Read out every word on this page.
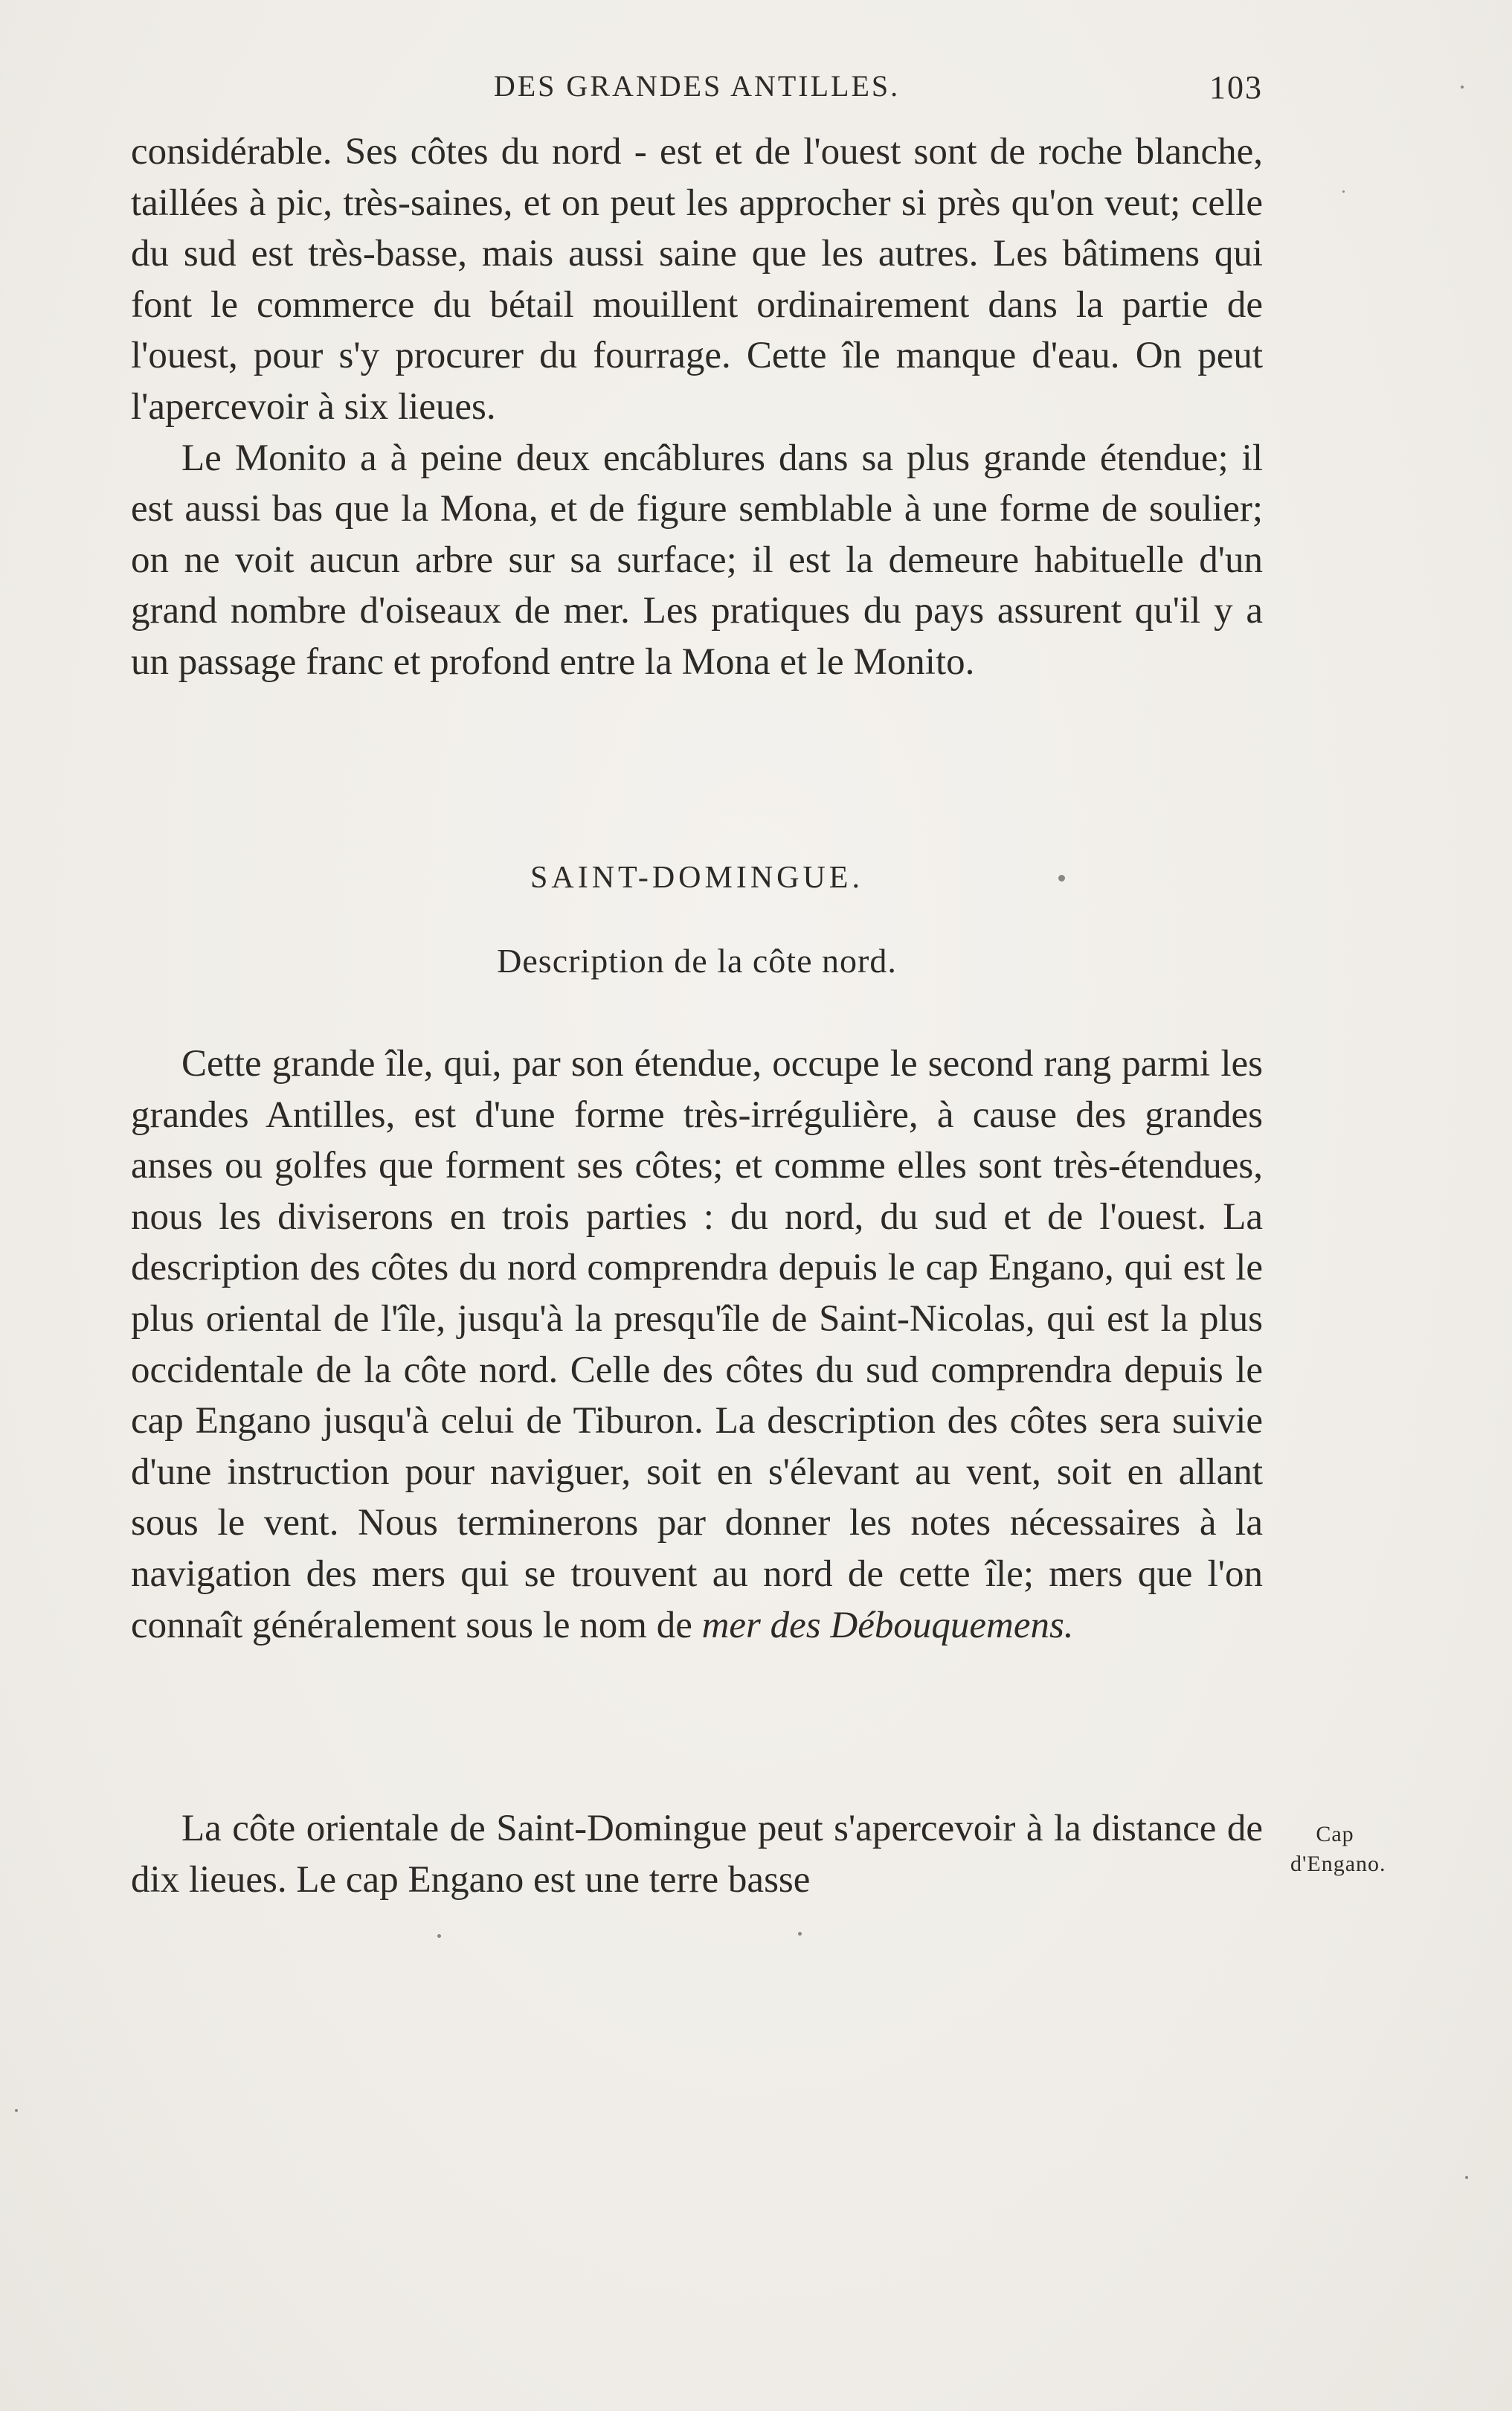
DES GRANDES ANTILLES.	103

considérable. Ses côtes du nord - est et de l'ouest sont de roche blanche, taillées à pic, très-saines, et on peut les approcher si près qu'on veut; celle du sud est très-basse, mais aussi saine que les autres. Les bâtimens qui font le commerce du bétail mouillent ordinairement dans la partie de l'ouest, pour s'y procurer du fourrage. Cette île manque d'eau. On peut l'apercevoir à six lieues.

Le Monito a à peine deux encâblures dans sa plus grande étendue; il est aussi bas que la Mona, et de figure semblable à une forme de soulier; on ne voit aucun arbre sur sa surface; il est la demeure habituelle d'un grand nombre d'oiseaux de mer. Les pratiques du pays assurent qu'il y a un passage franc et profond entre la Mona et le Monito.

SAINT-DOMINGUE.
Description de la côte nord.

Cette grande île, qui, par son étendue, occupe le second rang parmi les grandes Antilles, est d'une forme très-irrégulière, à cause des grandes anses ou golfes que forment ses côtes; et comme elles sont très-étendues, nous les diviserons en trois parties : du nord, du sud et de l'ouest. La description des côtes du nord comprendra depuis le cap Engano, qui est le plus oriental de l'île, jusqu'à la presqu'île de Saint-Nicolas, qui est la plus occidentale de la côte nord. Celle des côtes du sud comprendra depuis le cap Engano jusqu'à celui de Tiburon. La description des côtes sera suivie d'une instruction pour naviguer, soit en s'élevant au vent, soit en allant sous le vent. Nous terminerons par donner les notes nécessaires à la navigation des mers qui se trouvent au nord de cette île; mers que l'on connaît généralement sous le nom de mer des Débouquemens.

La côte orientale de Saint-Domingue peut s'apercevoir à la distance de dix lieues. Le cap Engano est une terre basse

Cap
d'Engano.
